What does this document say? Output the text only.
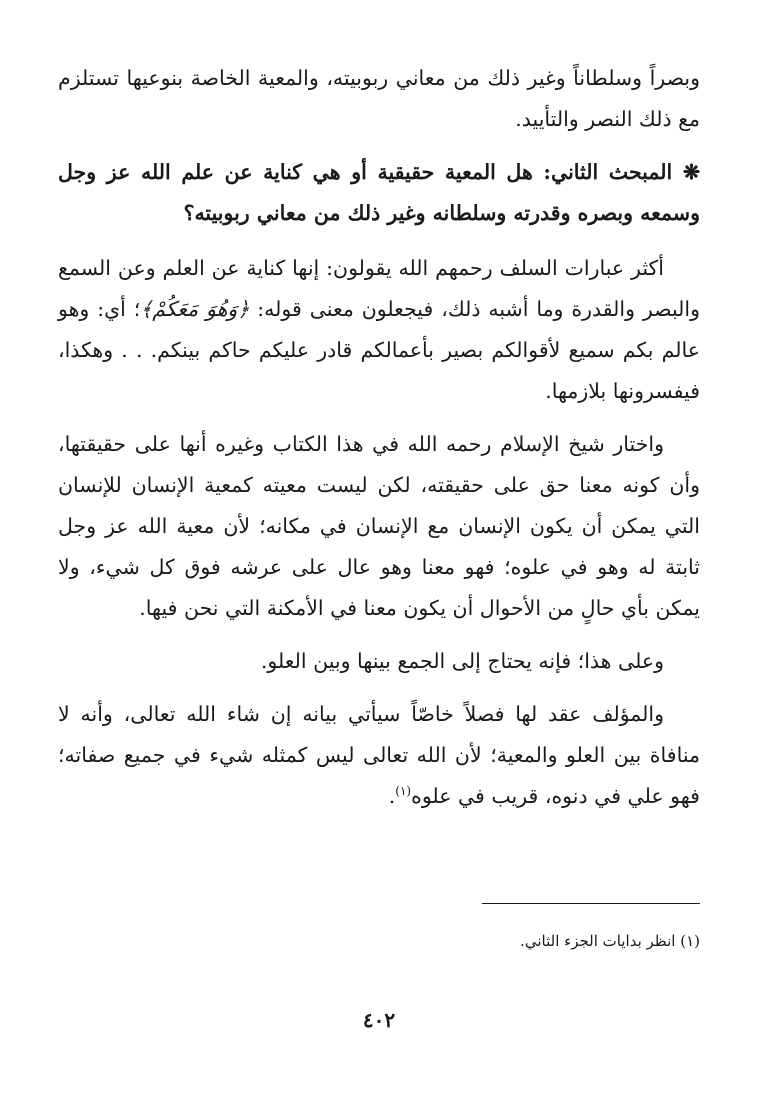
وبصراً وسلطاناً وغير ذلك من معاني ربوبيته، والمعية الخاصة بنوعيها تستلزم مع ذلك النصر والتأييد.

❋ المبحث الثاني: هل المعية حقيقية أو هي كناية عن علم الله عز وجل وسمعه وبصره وقدرته وسلطانه وغير ذلك من معاني ربوبيته؟

أكثر عبارات السلف رحمهم الله يقولون: إنها كناية عن العلم وعن السمع والبصر والقدرة وما أشبه ذلك، فيجعلون معنى قوله: ﴿وَهُوَ مَعَكُمْ﴾؛ أي: وهو عالم بكم سميع لأقوالكم بصير بأعمالكم قادر عليكم حاكم بينكم. . . وهكذا، فيفسرونها بلازمها.

واختار شيخ الإسلام رحمه الله في هذا الكتاب وغيره أنها على حقيقتها، وأن كونه معنا حق على حقيقته، لكن ليست معيته كمعية الإنسان للإنسان التي يمكن أن يكون الإنسان مع الإنسان في مكانه؛ لأن معية الله عز وجل ثابتة له وهو في علوه؛ فهو معنا وهو عال على عرشه فوق كل شيء، ولا يمكن بأي حالٍ من الأحوال أن يكون معنا في الأمكنة التي نحن فيها.

وعلى هذا؛ فإنه يحتاج إلى الجمع بينها وبين العلو.

والمؤلف عقد لها فصلاً خاصّاً سيأتي بيانه إن شاء الله تعالى، وأنه لا منافاة بين العلو والمعية؛ لأن الله تعالى ليس كمثله شيء في جميع صفاته؛ فهو علي في دنوه، قريب في علوه$^{(١)}$.

(١) انظر بدايات الجزء الثاني.
٤٠٢
